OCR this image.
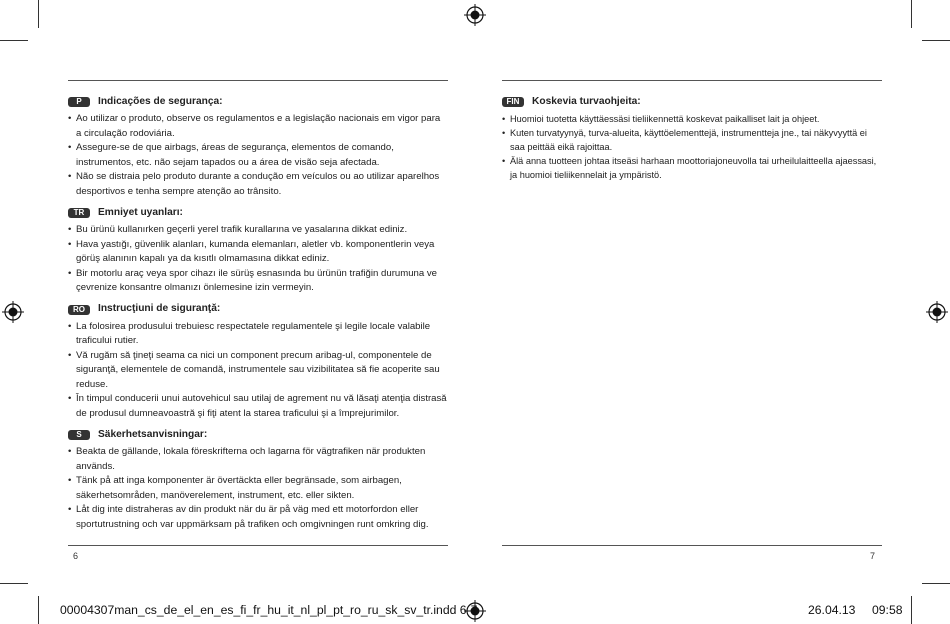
P	Indicações de segurança:
• Ao utilizar o produto, observe os regulamentos e a legislação nacionais em vigor para a circulação rodoviária.
• Assegure-se de que airbags, áreas de segurança, elementos de comando, instrumentos, etc. não sejam tapados ou a área de visão seja afectada.
• Não se distraia pelo produto durante a condução em veículos ou ao utilizar aparelhos desportivos e tenha sempre atenção ao trânsito.
TR	Emniyet uyanları:
• Bu ürünü kullanırken geçerli yerel trafik kurallarına ve yasalarına dikkat ediniz.
• Hava yastığı, güvenlik alanları, kumanda elemanları, aletler vb. komponentlerin veya görüş alanının kapalı ya da kısıtlı olmamasına dikkat ediniz.
• Bir motorlu araç veya spor cihazı ile sürüş esnasında bu ürünün trafiğin durumuna ve çevrenize konsantre olmanızı önlemesine izin vermeyin.
RO	Instrucţiuni de siguranţă:
• La folosirea produsului trebuiesc respectatele regulamentele şi legile locale valabile traficului rutier.
• Vă rugăm să ţineţi seama ca nici un component precum aribag-ul, componentele de siguranţă, elementele de comandă, instrumentele sau vizibilitatea să fie acoperite sau reduse.
• În timpul conducerii unui autovehicul sau utilaj de agrement nu vă lăsaţi atenţia distrasă de produsul dumneavoastră şi fiţi atent la starea traficului şi a împrejurimilor.
S	Säkerhetsanvisningar:
• Beakta de gällande, lokala föreskrifterna och lagarna för vägtrafiken när produkten används.
• Tänk på att inga komponenter är övertäckta eller begränsade, som airbagen, säkerhetsområden, manöverelement, instrument, etc. eller sikten.
• Låt dig inte distraheras av din produkt när du är på väg med ett motorfordon eller sportutrustning och var uppmärksam på trafiken och omgivningen runt omkring dig.
FIN	Koskevia turvaohjeita:
• Huomioi tuotetta käyttäessäsi tieliikennettä koskevat paikalliset lait ja ohjeet.
• Kuten turvatyynyä, turva-alueita, käyttöelementtejä, instrumentteja jne., tai näkyvyyttä ei saa peittää eikä rajoittaa.
• Älä anna tuotteen johtaa itseäsi harhaan moottoriajoneuvolla tai urheilulaitteella ajaessasi, ja huomioi tieliikennelait ja ympäristö.
6	7
00004307man_cs_de_el_en_es_fi_fr_hu_it_nl_pl_pt_ro_ru_sk_sv_tr.indd 6-7	26.04.13 09:58
